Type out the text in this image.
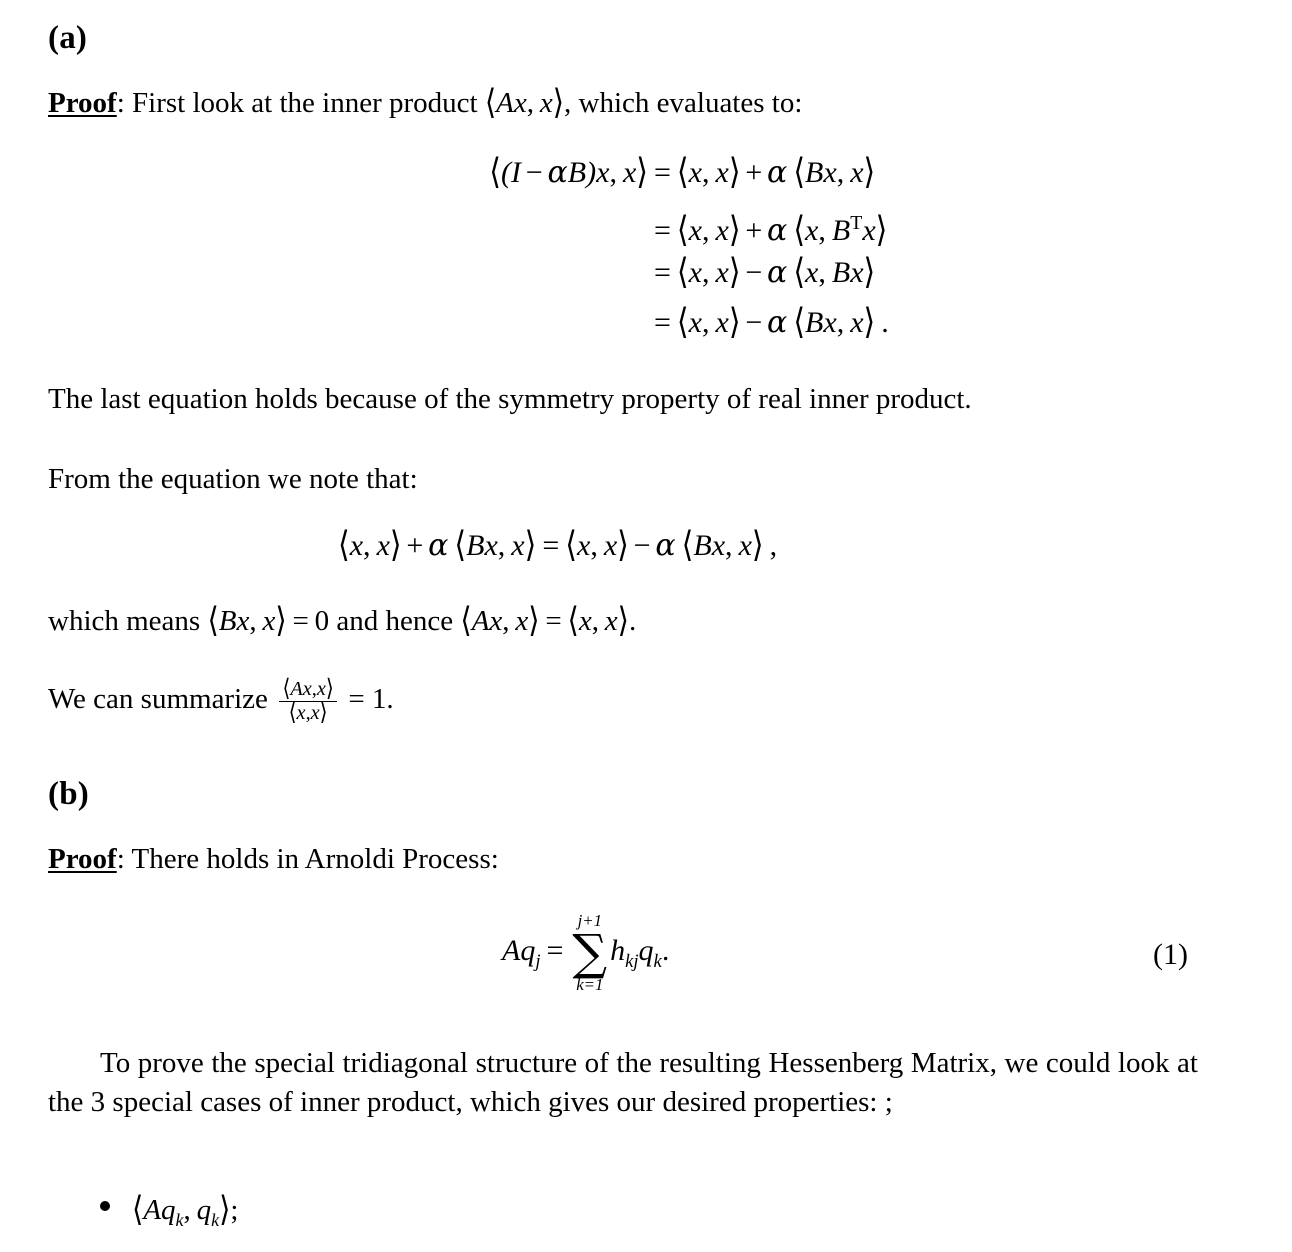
(a)
Proof: First look at the inner product ⟨Ax, x⟩, which evaluates to:
⟨(I − αB)x, x⟩ = ⟨x, x⟩ + α  ⟨Bx, x⟩
= ⟨x, x⟩ + α  ⟨x, $B^Tx⟩$
= ⟨x, x⟩ − α  ⟨x, Bx⟩
= ⟨x, x⟩ − α  ⟨Bx, x⟩ .
The last equation holds because of the symmetry property of real inner product.
From the equation we note that:
⟨x, x⟩ + α  ⟨Bx, x⟩ = ⟨x, x⟩ − α  ⟨Bx, x⟩ ,
which means ⟨Bx, x⟩ = 0 and hence ⟨Ax, x⟩ = ⟨x, x⟩.
We can summarize $\frac{⟨Ax,x⟩}{⟨x,x⟩} = 1$.
(b)
Proof: There holds in Arnoldi Process:
$Aq_j$ =
j+1
∑
k=1
$h_{kj}q_k$.	(1)
To prove the special tridiagonal structure of the resulting Hessenberg Matrix, we could look at the 3 special cases of inner product, which gives our desired properties: ;
$⟨Aq_k$, $q_k⟩$;
